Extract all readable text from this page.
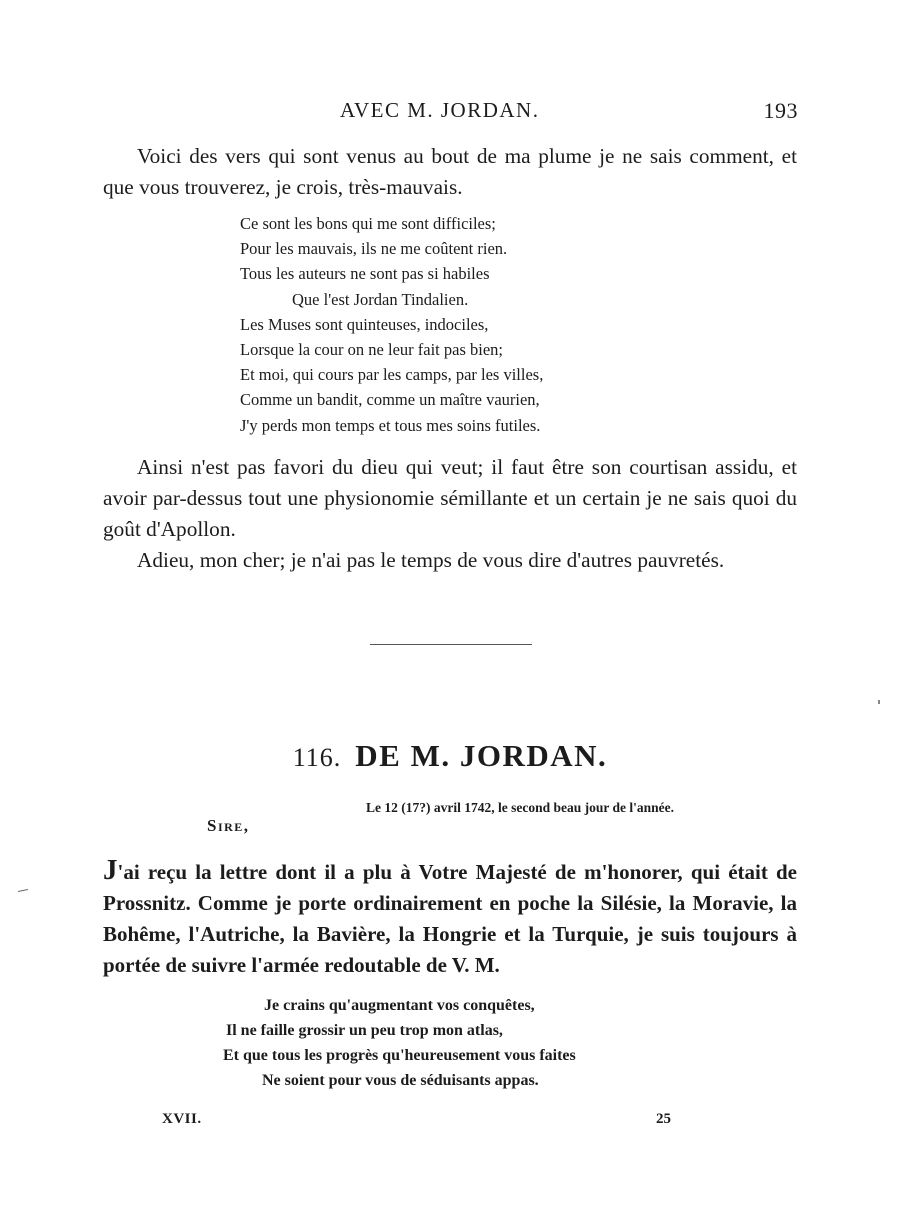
AVEC M. JORDAN.	193

Voici des vers qui sont venus au bout de ma plume je ne sais comment, et que vous trouverez, je crois, très-mauvais.

Ce sont les bons qui me sont difficiles;
Pour les mauvais, ils ne me coûtent rien.
Tous les auteurs ne sont pas si habiles
Que l'est Jordan Tindalien.
Les Muses sont quinteuses, indociles,
Lorsque la cour on ne leur fait pas bien;
Et moi, qui cours par les camps, par les villes,
Comme un bandit, comme un maître vaurien,
J'y perds mon temps et tous mes soins futiles.

Ainsi n'est pas favori du dieu qui veut; il faut être son courtisan assidu, et avoir par-dessus tout une physionomie sémillante et un certain je ne sais quoi du goût d'Apollon.

Adieu, mon cher; je n'ai pas le temps de vous dire d'autres pauvretés.

116. DE M. JORDAN.
Le 12 (17?) avril 1742, le second beau jour de l'année.
Sire,

J'ai reçu la lettre dont il a plu à Votre Majesté de m'honorer, qui était de Prossnitz. Comme je porte ordinairement en poche la Silésie, la Moravie, la Bohême, l'Autriche, la Bavière, la Hongrie et la Turquie, je suis toujours à portée de suivre l'armée redoutable de V. M.

Je crains qu'augmentant vos conquêtes,
Il ne faille grossir un peu trop mon atlas,
Et que tous les progrès qu'heureusement vous faites
Ne soient pour vous de séduisants appas.
XVII.	25
